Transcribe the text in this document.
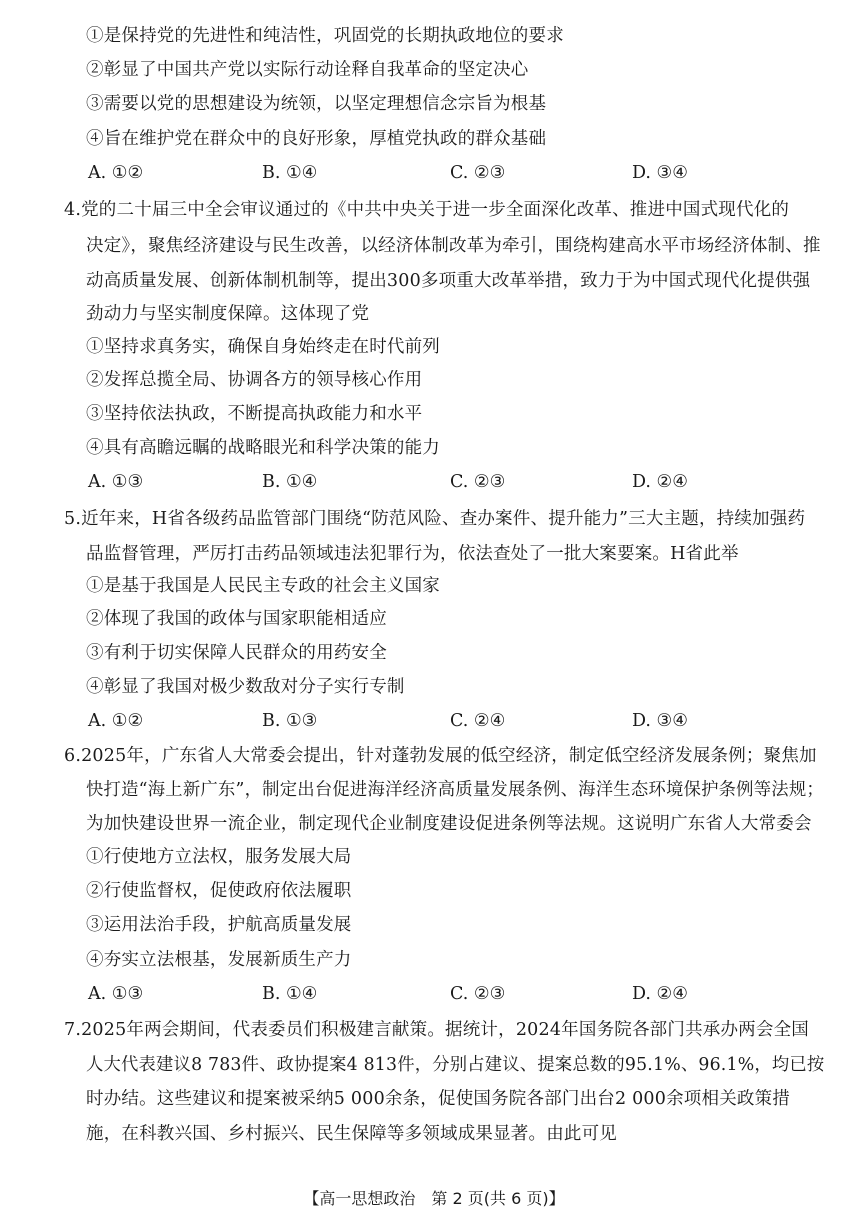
①是保持党的先进性和纯洁性，巩固党的长期执政地位的要求
②彰显了中国共产党以实际行动诠释自我革命的坚定决心
③需要以党的思想建设为统领，以坚定理想信念宗旨为根基
④旨在维护党在群众中的良好形象，厚植党执政的群众基础
A. ①②	B. ①④	C. ②③	D. ③④
4.党的二十届三中全会审议通过的《中共中央关于进一步全面深化改革、推进中国式现代化的
决定》，聚焦经济建设与民生改善，以经济体制改革为牵引，围绕构建高水平市场经济体制、推
动高质量发展、创新体制机制等，提出300多项重大改革举措，致力于为中国式现代化提供强
劲动力与坚实制度保障。这体现了党
①坚持求真务实，确保自身始终走在时代前列
②发挥总揽全局、协调各方的领导核心作用
③坚持依法执政，不断提高执政能力和水平
④具有高瞻远瞩的战略眼光和科学决策的能力
A. ①③	B. ①④	C. ②③	D. ②④
5.近年来，H省各级药品监管部门围绕“防范风险、查办案件、提升能力”三大主题，持续加强药
品监督管理，严厉打击药品领域违法犯罪行为，依法查处了一批大案要案。H省此举
①是基于我国是人民民主专政的社会主义国家
②体现了我国的政体与国家职能相适应
③有利于切实保障人民群众的用药安全
④彰显了我国对极少数敌对分子实行专制
A. ①②	B. ①③	C. ②④	D. ③④
6.2025年，广东省人大常委会提出，针对蓬勃发展的低空经济，制定低空经济发展条例；聚焦加
快打造“海上新广东”，制定出台促进海洋经济高质量发展条例、海洋生态环境保护条例等法规；
为加快建设世界一流企业，制定现代企业制度建设促进条例等法规。这说明广东省人大常委会
①行使地方立法权，服务发展大局
②行使监督权，促使政府依法履职
③运用法治手段，护航高质量发展
④夯实立法根基，发展新质生产力
A. ①③	B. ①④	C. ②③	D. ②④
7.2025年两会期间，代表委员们积极建言献策。据统计，2024年国务院各部门共承办两会全国
人大代表建议8 783件、政协提案4 813件，分别占建议、提案总数的95.1%、96.1%，均已按
时办结。这些建议和提案被采纳5 000余条，促使国务院各部门出台2 000余项相关政策措
施，在科教兴国、乡村振兴、民生保障等多领域成果显著。由此可见
【高一思想政治　第 2 页(共 6 页)】
